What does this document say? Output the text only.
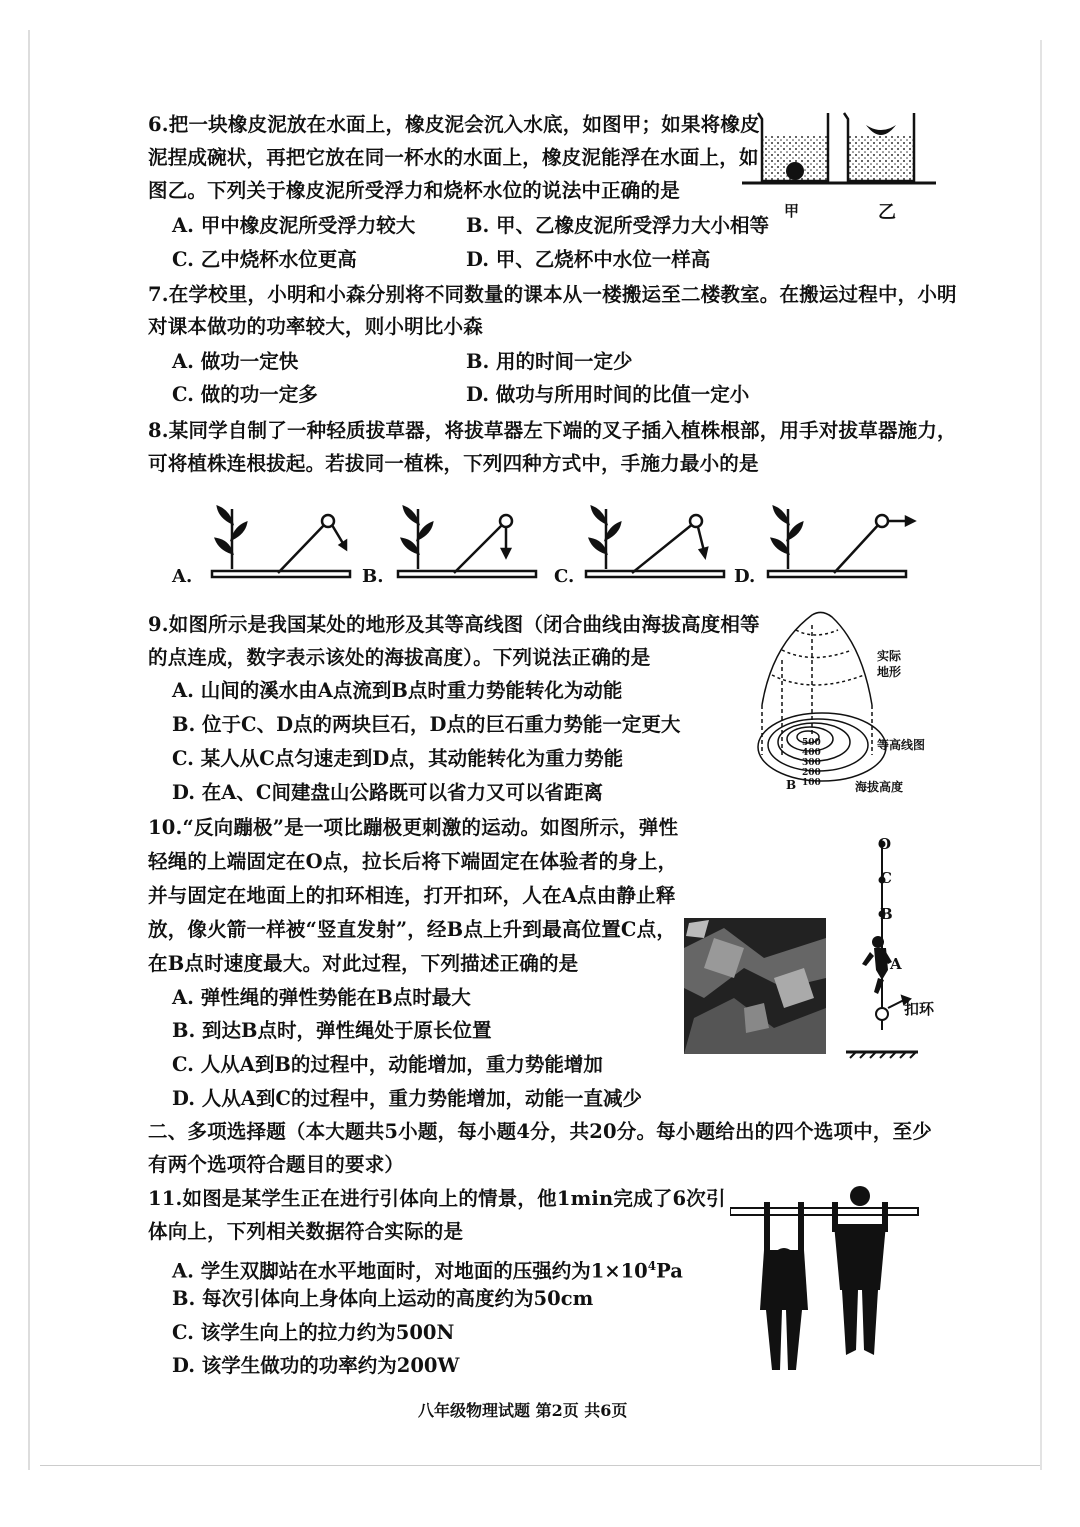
6.把一块橡皮泥放在水面上，橡皮泥会沉入水底，如图甲；如果将橡皮
泥捏成碗状，再把它放在同一杯水的水面上，橡皮泥能浮在水面上，如
图乙。下列关于橡皮泥所受浮力和烧杯水位的说法中正确的是
A. 甲中橡皮泥所受浮力较大	B. 甲、乙橡皮泥所受浮力大小相等
C. 乙中烧杯水位更高	D. 甲、乙烧杯中水位一样高
甲	乙
7.在学校里，小明和小森分别将不同数量的课本从一楼搬运至二楼教室。在搬运过程中，小明
对课本做功的功率较大，则小明比小森
A. 做功一定快	B. 用的时间一定少
C. 做的功一定多	D. 做功与所用时间的比值一定小
8.某同学自制了一种轻质拔草器，将拔草器左下端的叉子插入植株根部，用手对拔草器施力，
可将植株连根拔起。若拔同一植株，下列四种方式中，手施力最小的是
A.	B.	C.	D.
9.如图所示是我国某处的地形及其等高线图（闭合曲线由海拔高度相等
的点连成，数字表示该处的海拔高度）。下列说法正确的是
A. 山间的溪水由A点流到B点时重力势能转化为动能
B. 位于C、D点的两块巨石，D点的巨石重力势能一定更大
C. 某人从C点匀速走到D点，其动能转化为重力势能
D. 在A、C间建盘山公路既可以省力又可以省距离
实际
地形
等高线图
海拔高度
500
400
300
200
100
B
10.“反向蹦极”是一项比蹦极更刺激的运动。如图所示，弹性
轻绳的上端固定在O点，拉长后将下端固定在体验者的身上，
并与固定在地面上的扣环相连，打开扣环，人在A点由静止释
放，像火箭一样被“竖直发射”，经B点上升到最高位置C点，
在B点时速度最大。对此过程，下列描述正确的是
A. 弹性绳的弹性势能在B点时最大
B. 到达B点时，弹性绳处于原长位置
C. 人从A到B的过程中，动能增加，重力势能增加
D. 人从A到C的过程中，重力势能增加，动能一直减少
O
C
B
A
扣环
二、多项选择题（本大题共5小题，每小题4分，共20分。每小题给出的四个选项中，至少
有两个选项符合题目的要求）
11.如图是某学生正在进行引体向上的情景，他1min完成了6次引
体向上，下列相关数据符合实际的是
A. 学生双脚站在水平地面时，对地面的压强约为$1\times 10^4Pa$
B. 每次引体向上身体向上运动的高度约为50cm
C. 该学生向上的拉力约为500N
D. 该学生做功的功率约为200W
八年级物理试题 第2页 共6页
